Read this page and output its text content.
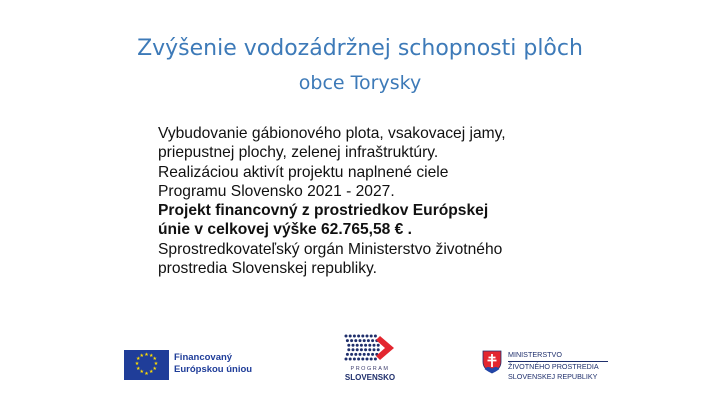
Zvýšenie vodozádržnej schopnosti plôch
obce Torysky
Vybudovanie gábionového plota, vsakovacej jamy,
priepustnej plochy, zelenej infraštruktúry.
Realizáciou aktivít projektu naplnené ciele
Programu Slovensko 2021 - 2027.
Projekt financovný z prostriedkov Európskej
únie v celkovej výške 62.765,58 € .
Sprostredkovateľský orgán Ministerstvo životného
prostredia Slovenskej republiky.
★ ★
★
★
★
★
★
★
★
★
★
★	Financovaný
Európskou úniou	PROGRAM
SLOVENSKO
MINISTERSTVO
ŽIVOTNÉHO PROSTREDIA
SLOVENSKEJ REPUBLIKY
